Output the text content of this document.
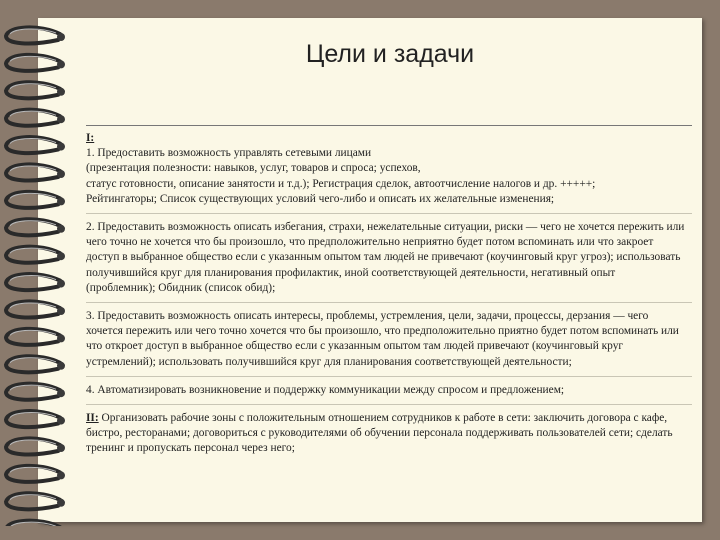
Цели и задачи
I:
1. Предоставить возможность управлять сетевыми лицами
(презентация полезности: навыков, услуг, товаров и спроса; успехов,
статус готовности, описание занятости и т.д.); Регистрация сделок, автоотчисление налогов и др. +++++;
Рейтингаторы; Список существующих условий чего-либо и описать их желательные изменения;
2. Предоставить возможность описать избегания, страхи, нежелательные ситуации, риски — чего не хочется пережить или чего точно не хочется что бы произошло, что предположительно неприятно будет потом вспоминать или что закроет доступ в выбранное общество если с указанным опытом там людей не привечают (коучинговый круг угроз); использовать получившийся круг для планирования профилактик, иной соответствующей деятельности, негативный опыт (проблемник); Обидник (список обид);
3. Предоставить возможность описать интересы, проблемы, устремления, цели, задачи, процессы, дерзания — чего хочется пережить или чего точно хочется что бы произошло, что предположительно приятно будет потом вспоминать или что откроет доступ в выбранное общество если с указанным опытом там людей привечают (коучинговый круг устремлений); использовать получившийся круг для планирования соответствующей деятельности;
4. Автоматизировать возникновение и поддержку коммуникации между спросом и предложением;
II: Организовать рабочие зоны с положительным отношением сотрудников к работе в сети: заключить договора с кафе, бистро, ресторанами; договориться с руководителями об обучении персонала поддерживать пользователей сети; сделать тренинг и пропускать персонал через него;
